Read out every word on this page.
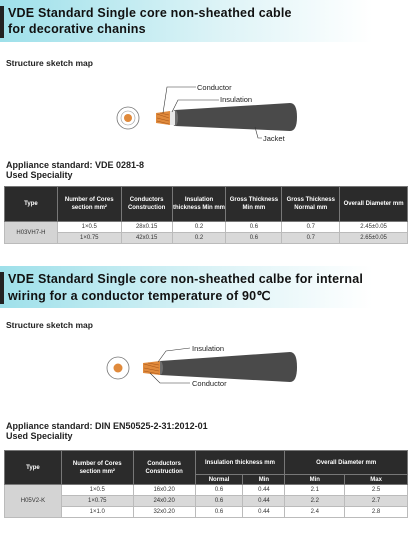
VDE Standard Single core non-sheathed cable
for decorative chanins
Structure sketch map
Conductor
Insulation
Jacket
Appliance standard: VDE 0281-8
Used Speciality
Type	Number of Cores section mm²	Conductors Construction	Insulation thickness Min mm	Gross Thickness Min mm	Gross Thickness Normal mm	Overall Diameter mm
H03VH7-H	1×0.5	28x0.15	0.2	0.6	0.7	2.45±0.05
	1×0.75	42x0.15	0.2	0.6	0.7	2.65±0.05
VDE Standard Single core non-sheathed calbe for internal
wiring for a conductor temperature of 90℃
Structure sketch map
Insulation
Conductor
Appliance standard: DIN EN50525-2-31:2012-01
Used Speciality
Type	Number of Cores section mm²	Conductors Construction	Insulation thickness mm		Overall Diameter mm	
			Normal	Min	Min	Max
H05V2-K	1×0.5	16x0.20	0.6	0.44	2.1	2.5
	1×0.75	24x0.20	0.6	0.44	2.2	2.7
	1×1.0	32x0.20	0.6	0.44	2.4	2.8
